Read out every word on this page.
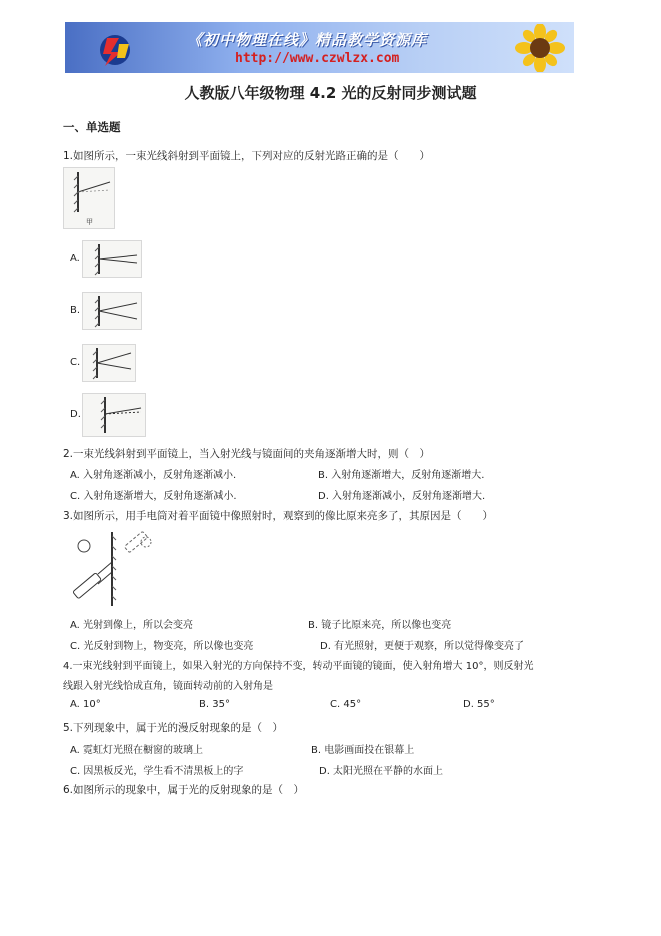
《初中物理在线》精品教学资源库
http://www.czwlzx.com
人教版八年级物理 4.2 光的反射同步测试题
一、单选题
1.如图所示，一束光线斜射到平面镜上，下列对应的反射光路正确的是（　　）
甲
A.
B.
C.
D.
2.一束光线斜射到平面镜上，当入射光线与镜面间的夹角逐渐增大时，则（　）
A. 入射角逐渐减小，反射角逐渐减小.	B. 入射角逐渐增大，反射角逐渐增大.
C. 入射角逐渐增大，反射角逐渐减小.	D. 入射角逐渐减小，反射角逐渐增大.
3.如图所示，用手电筒对着平面镜中像照射时，观察到的像比原来亮多了，其原因是（　　）
A. 光射到像上，所以会变亮	B. 镜子比原来亮，所以像也变亮
C. 光反射到物上，物变亮，所以像也变亮	D. 有光照射，更便于观察，所以觉得像变亮了
4.一束光线射到平面镜上，如果入射光的方向保持不变，转动平面镜的镜面，使入射角增大 10°，则反射光
线跟入射光线恰成直角，镜面转动前的入射角是
A. 10°	B. 35°	C. 45°	D. 55°
5.下列现象中，属于光的漫反射现象的是（　）
A. 霓虹灯光照在橱窗的玻璃上	B. 电影画面投在银幕上
C. 因黑板反光，学生看不清黑板上的字	D. 太阳光照在平静的水面上
6.如图所示的现象中，属于光的反射现象的是（　）
